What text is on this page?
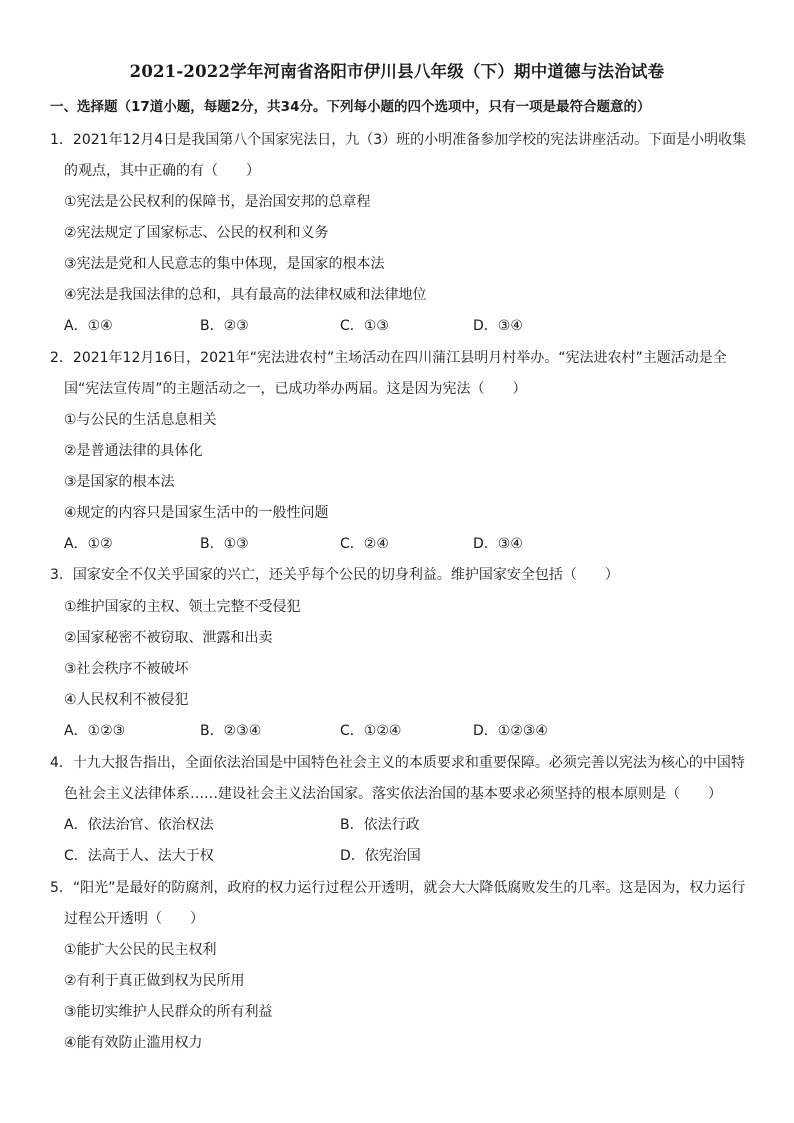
2021-2022学年河南省洛阳市伊川县八年级（下）期中道德与法治试卷
一、选择题（17道小题，每题2分，共34分。下列每小题的四个选项中，只有一项是最符合题意的）
1．2021年12月4日是我国第八个国家宪法日，九（3）班的小明准备参加学校的宪法讲座活动。下面是小明收集
的观点，其中正确的有（　　）
①宪法是公民权利的保障书，是治国安邦的总章程
②宪法规定了国家标志、公民的权利和义务
③宪法是党和人民意志的集中体现，是国家的根本法
④宪法是我国法律的总和，具有最高的法律权威和法律地位
A．①④	B．②③	C．①③	D．③④
2．2021年12月16日，2021年“宪法进农村”主场活动在四川蒲江县明月村举办。“宪法进农村”主题活动是全
国“宪法宣传周”的主题活动之一，已成功举办两届。这是因为宪法（　　）
①与公民的生活息息相关
②是普通法律的具体化
③是国家的根本法
④规定的内容只是国家生活中的一般性问题
A．①②	B．①③	C．②④	D．③④
3．国家安全不仅关乎国家的兴亡，还关乎每个公民的切身利益。维护国家安全包括（　　）
①维护国家的主权、领土完整不受侵犯
②国家秘密不被窃取、泄露和出卖
③社会秩序不被破坏
④人民权利不被侵犯
A．①②③	B．②③④	C．①②④	D．①②③④
4．十九大报告指出，全面依法治国是中国特色社会主义的本质要求和重要保障。必须完善以宪法为核心的中国特
色社会主义法律体系……建设社会主义法治国家。落实依法治国的基本要求必须坚持的根本原则是（　　）
A．依法治官、依治权法	B．依法行政
C．法高于人、法大于权	D．依宪治国
5．“阳光”是最好的防腐剂，政府的权力运行过程公开透明，就会大大降低腐败发生的几率。这是因为，权力运行
过程公开透明（　　）
①能扩大公民的民主权利
②有利于真正做到权为民所用
③能切实维护人民群众的所有利益
④能有效防止滥用权力
